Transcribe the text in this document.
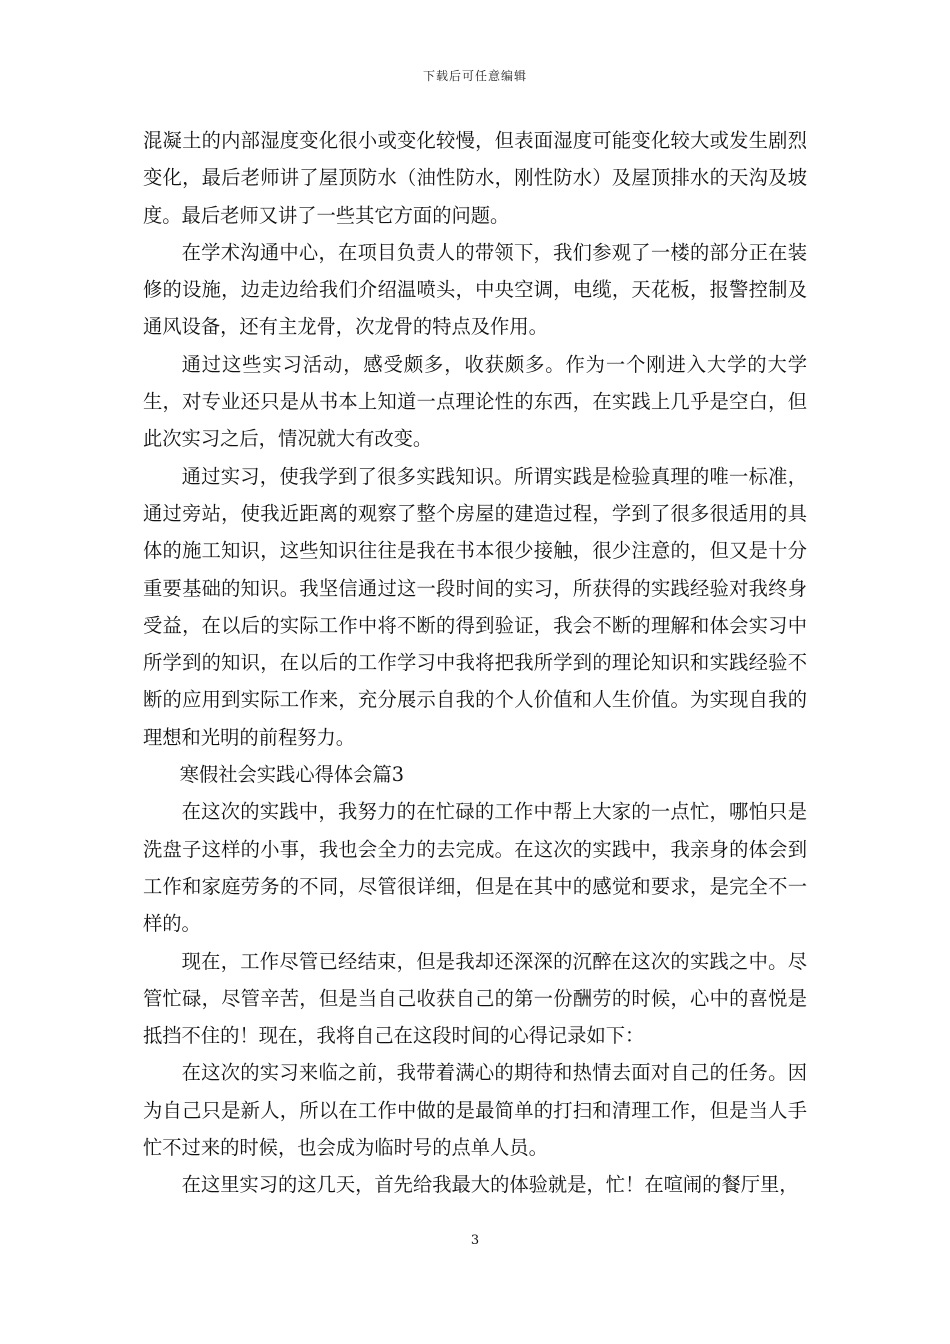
下载后可任意编辑

混凝土的内部湿度变化很小或变化较慢，但表面湿度可能变化较大或发生剧烈变化，最后老师讲了屋顶防水（油性防水，刚性防水）及屋顶排水的天沟及坡度。最后老师又讲了一些其它方面的问题。

在学术沟通中心，在项目负责人的带领下，我们参观了一楼的部分正在装修的设施，边走边给我们介绍温喷头，中央空调，电缆，天花板，报警控制及通风设备，还有主龙骨，次龙骨的特点及作用。

通过这些实习活动，感受颇多，收获颇多。作为一个刚进入大学的大学生，对专业还只是从书本上知道一点理论性的东西，在实践上几乎是空白，但此次实习之后，情况就大有改变。

通过实习，使我学到了很多实践知识。所谓实践是检验真理的唯一标准，通过旁站，使我近距离的观察了整个房屋的建造过程，学到了很多很适用的具体的施工知识，这些知识往往是我在书本很少接触，很少注意的，但又是十分重要基础的知识。我坚信通过这一段时间的实习，所获得的实践经验对我终身受益，在以后的实际工作中将不断的得到验证，我会不断的理解和体会实习中所学到的知识，在以后的工作学习中我将把我所学到的理论知识和实践经验不断的应用到实际工作来，充分展示自我的个人价值和人生价值。为实现自我的理想和光明的前程努力。

寒假社会实践心得体会篇3

在这次的实践中，我努力的在忙碌的工作中帮上大家的一点忙，哪怕只是洗盘子这样的小事，我也会全力的去完成。在这次的实践中，我亲身的体会到工作和家庭劳务的不同，尽管很详细，但是在其中的感觉和要求，是完全不一样的。

现在，工作尽管已经结束，但是我却还深深的沉醉在这次的实践之中。尽管忙碌，尽管辛苦，但是当自己收获自己的第一份酬劳的时候，心中的喜悦是抵挡不住的！现在，我将自己在这段时间的心得记录如下：

在这次的实习来临之前，我带着满心的期待和热情去面对自己的任务。因为自己只是新人，所以在工作中做的是最简单的打扫和清理工作，但是当人手忙不过来的时候，也会成为临时号的点单人员。

在这里实习的这几天，首先给我最大的体验就是，忙！在喧闹的餐厅里，

3
